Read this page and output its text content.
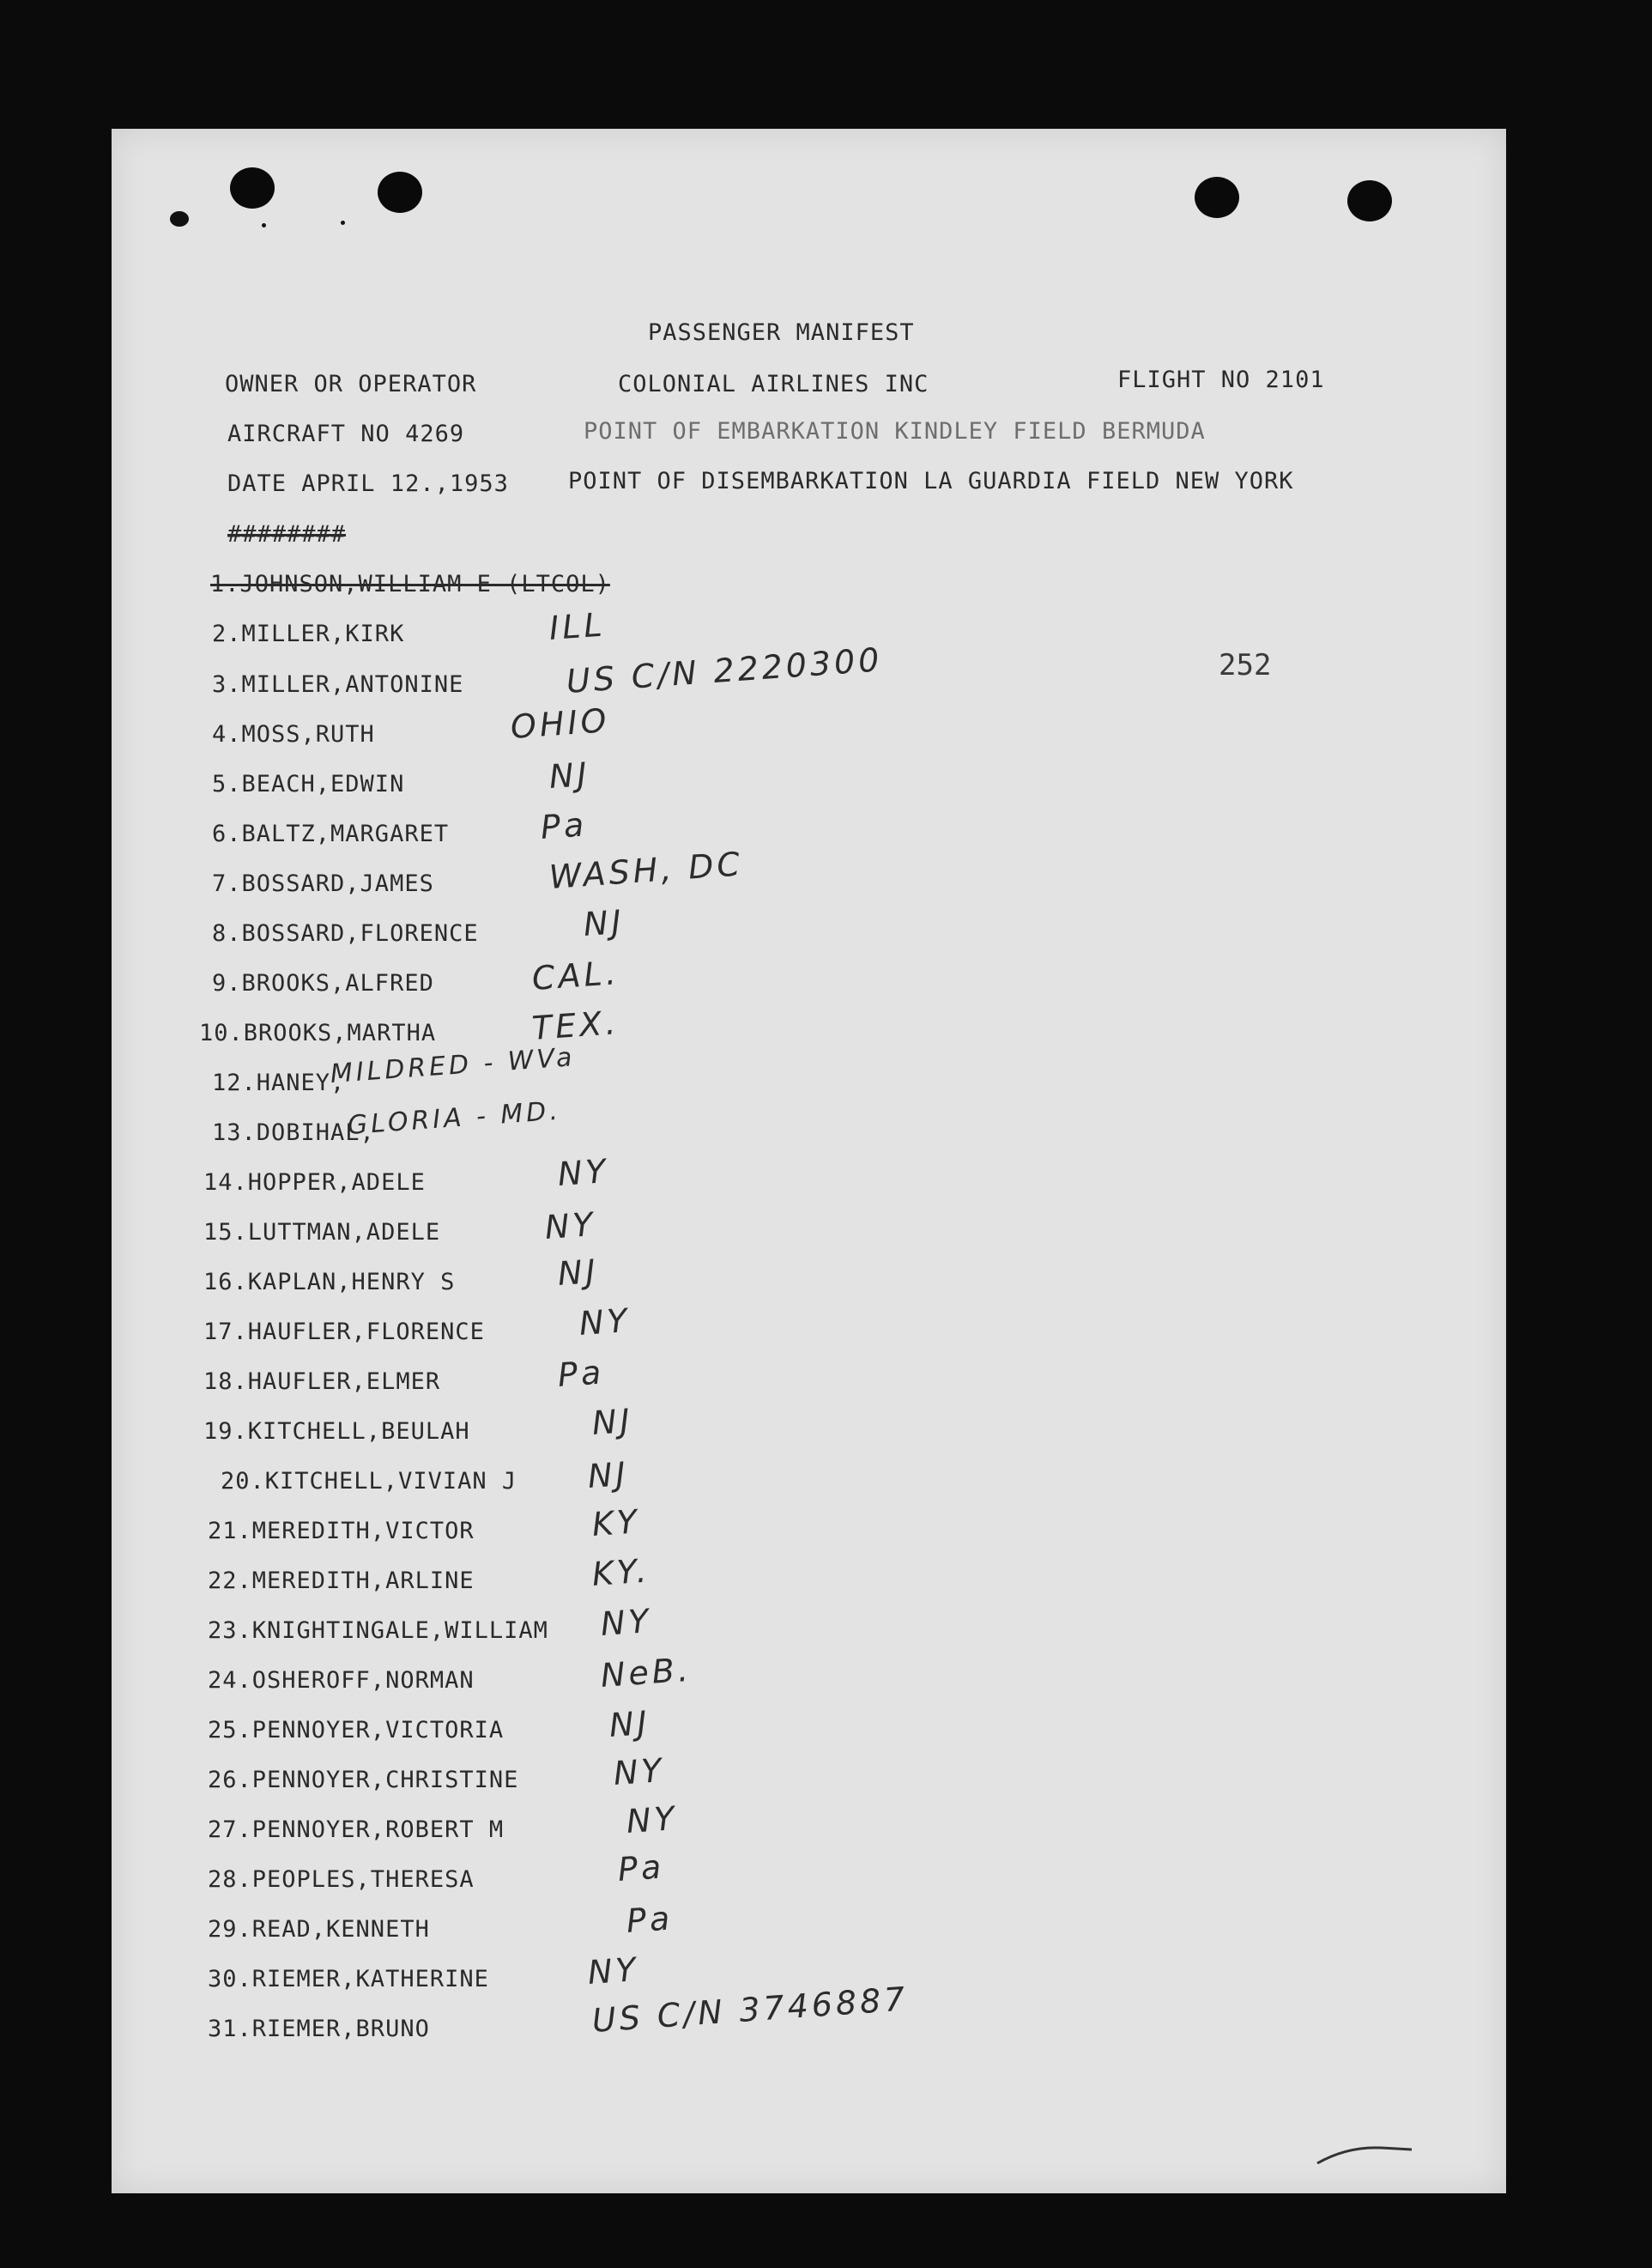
PASSENGER MANIFEST
OWNER OR OPERATOR	COLONIAL AIRLINES INC	FLIGHT NO 2101
AIRCRAFT NO 4269	POINT OF EMBARKATION KINDLEY FIELD BERMUDA
DATE APRIL 12.,1953	POINT OF DISEMBARKATION LA GUARDIA FIELD NEW YORK
########
252
1.JOHNSON,WILLIAM E (LTCOL)
2.MILLER,KIRK	ILL
3.MILLER,ANTONINE	US C/N 2220300
4.MOSS,RUTH	OHIO
5.BEACH,EDWIN	NJ
6.BALTZ,MARGARET	Pa
7.BOSSARD,JAMES	WASH, DC
8.BOSSARD,FLORENCE	NJ
9.BROOKS,ALFRED	CAL.
10.BROOKS,MARTHA	TEX.
12.HANEY,
MILDRED - WVa
13.DOBIHAL,
GLORIA - MD.
14.HOPPER,ADELE	NY
15.LUTTMAN,ADELE	NY
16.KAPLAN,HENRY S	NJ
17.HAUFLER,FLORENCE	NY
18.HAUFLER,ELMER	Pa
19.KITCHELL,BEULAH	NJ
20.KITCHELL,VIVIAN J NJ
21.MEREDITH,VICTOR	KY
22.MEREDITH,ARLINE	KY.
23.KNIGHTINGALE,WILLIAM NY
24.OSHEROFF,NORMAN	NeB.
25.PENNOYER,VICTORIA	NJ
26.PENNOYER,CHRISTINE	NY
27.PENNOYER,ROBERT M	NY
28.PEOPLES,THERESA	Pa
29.READ,KENNETH	Pa
30.RIEMER,KATHERINE	NY
31.RIEMER,BRUNO	US C/N 3746887
